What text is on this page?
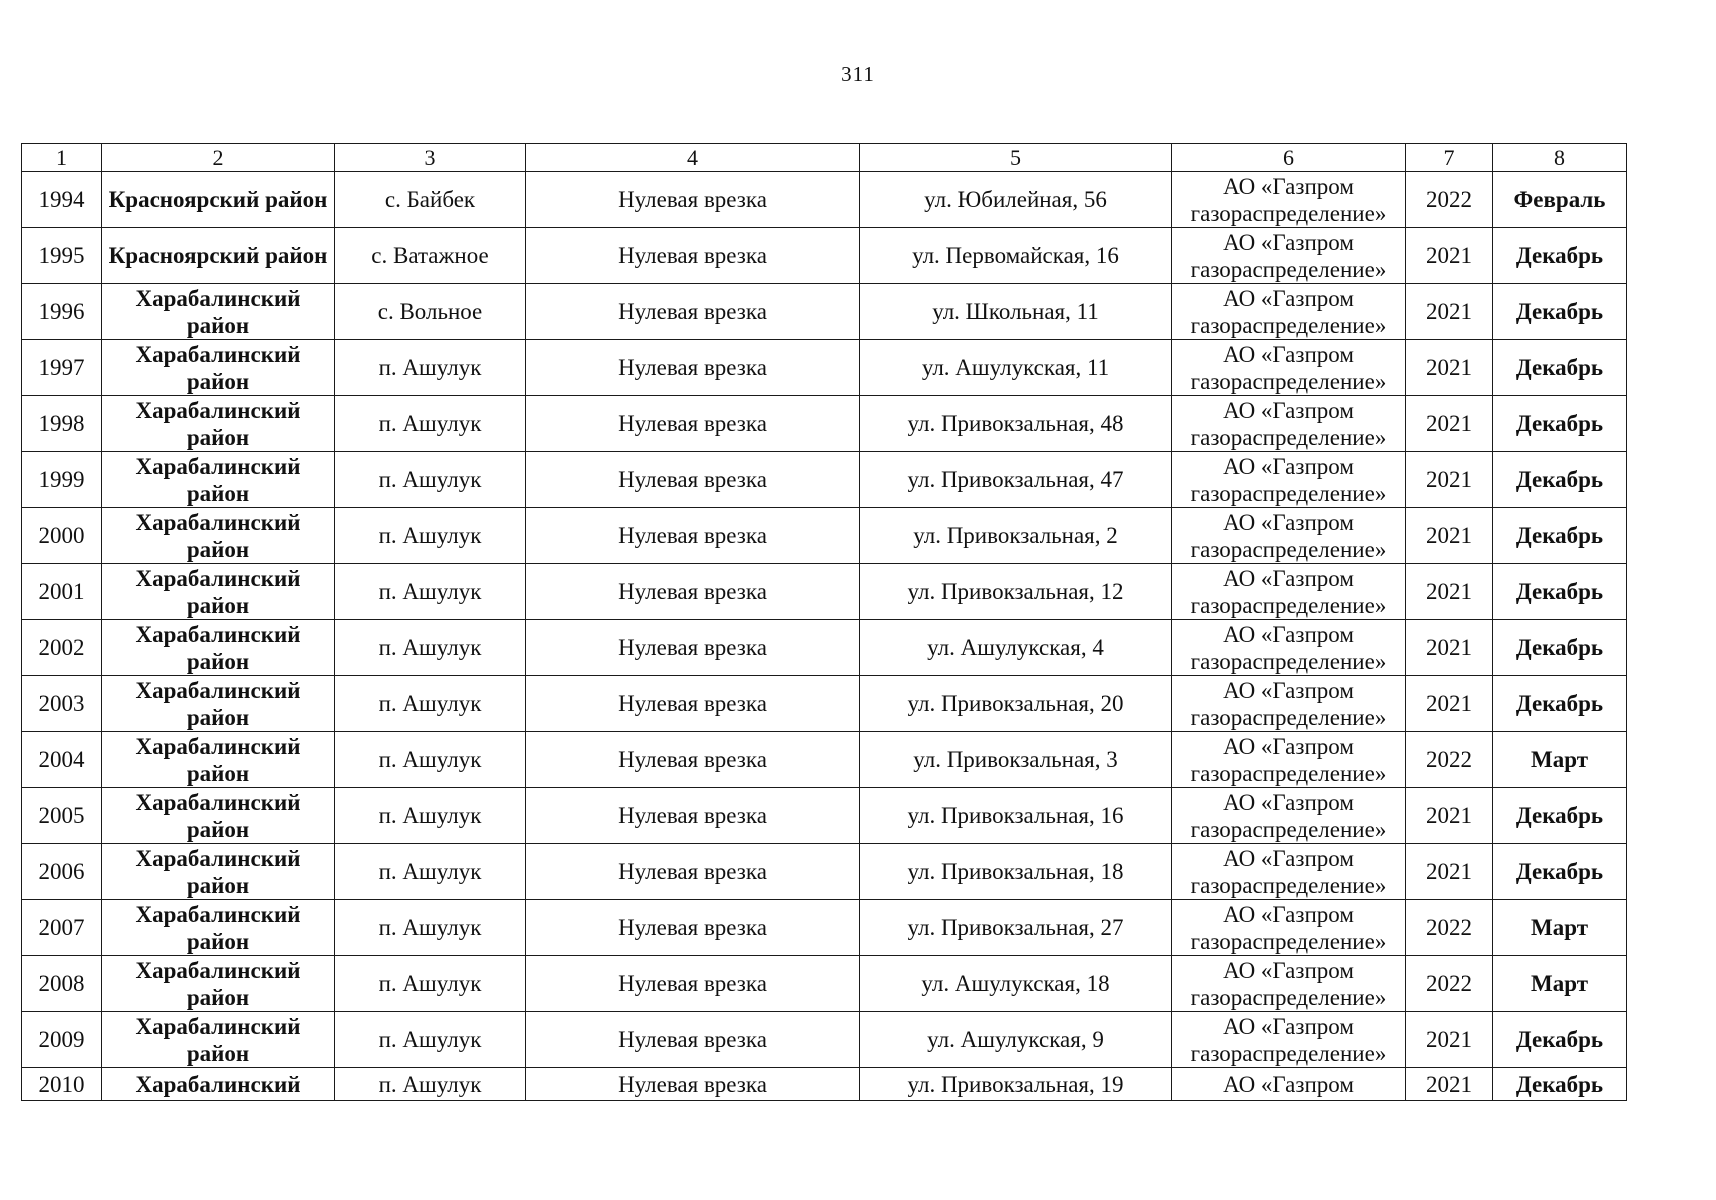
311
1	2	3	4	5	6	7	8
1994	Красноярский район	с. Байбек	Нулевая врезка	ул. Юбилейная, 56	АО «Газпром газораспределение»	2022	Февраль
1995	Красноярский район	с. Ватажное	Нулевая врезка	ул. Первомайская, 16	АО «Газпром газораспределение»	2021	Декабрь
1996	Харабалинский район	с. Вольное	Нулевая врезка	ул. Школьная, 11	АО «Газпром газораспределение»	2021	Декабрь
1997	Харабалинский район	п. Ашулук	Нулевая врезка	ул. Ашулукская, 11	АО «Газпром газораспределение»	2021	Декабрь
1998	Харабалинский район	п. Ашулук	Нулевая врезка	ул. Привокзальная, 48	АО «Газпром газораспределение»	2021	Декабрь
1999	Харабалинский район	п. Ашулук	Нулевая врезка	ул. Привокзальная, 47	АО «Газпром газораспределение»	2021	Декабрь
2000	Харабалинский район	п. Ашулук	Нулевая врезка	ул. Привокзальная, 2	АО «Газпром газораспределение»	2021	Декабрь
2001	Харабалинский район	п. Ашулук	Нулевая врезка	ул. Привокзальная, 12	АО «Газпром газораспределение»	2021	Декабрь
2002	Харабалинский район	п. Ашулук	Нулевая врезка	ул. Ашулукская, 4	АО «Газпром газораспределение»	2021	Декабрь
2003	Харабалинский район	п. Ашулук	Нулевая врезка	ул. Привокзальная, 20	АО «Газпром газораспределение»	2021	Декабрь
2004	Харабалинский район	п. Ашулук	Нулевая врезка	ул. Привокзальная, 3	АО «Газпром газораспределение»	2022	Март
2005	Харабалинский район	п. Ашулук	Нулевая врезка	ул. Привокзальная, 16	АО «Газпром газораспределение»	2021	Декабрь
2006	Харабалинский район	п. Ашулук	Нулевая врезка	ул. Привокзальная, 18	АО «Газпром газораспределение»	2021	Декабрь
2007	Харабалинский район	п. Ашулук	Нулевая врезка	ул. Привокзальная, 27	АО «Газпром газораспределение»	2022	Март
2008	Харабалинский район	п. Ашулук	Нулевая врезка	ул. Ашулукская, 18	АО «Газпром газораспределение»	2022	Март
2009	Харабалинский район	п. Ашулук	Нулевая врезка	ул. Ашулукская, 9	АО «Газпром газораспределение»	2021	Декабрь
2010	Харабалинский	п. Ашулук	Нулевая врезка	ул. Привокзальная, 19	АО «Газпром	2021	Декабрь
